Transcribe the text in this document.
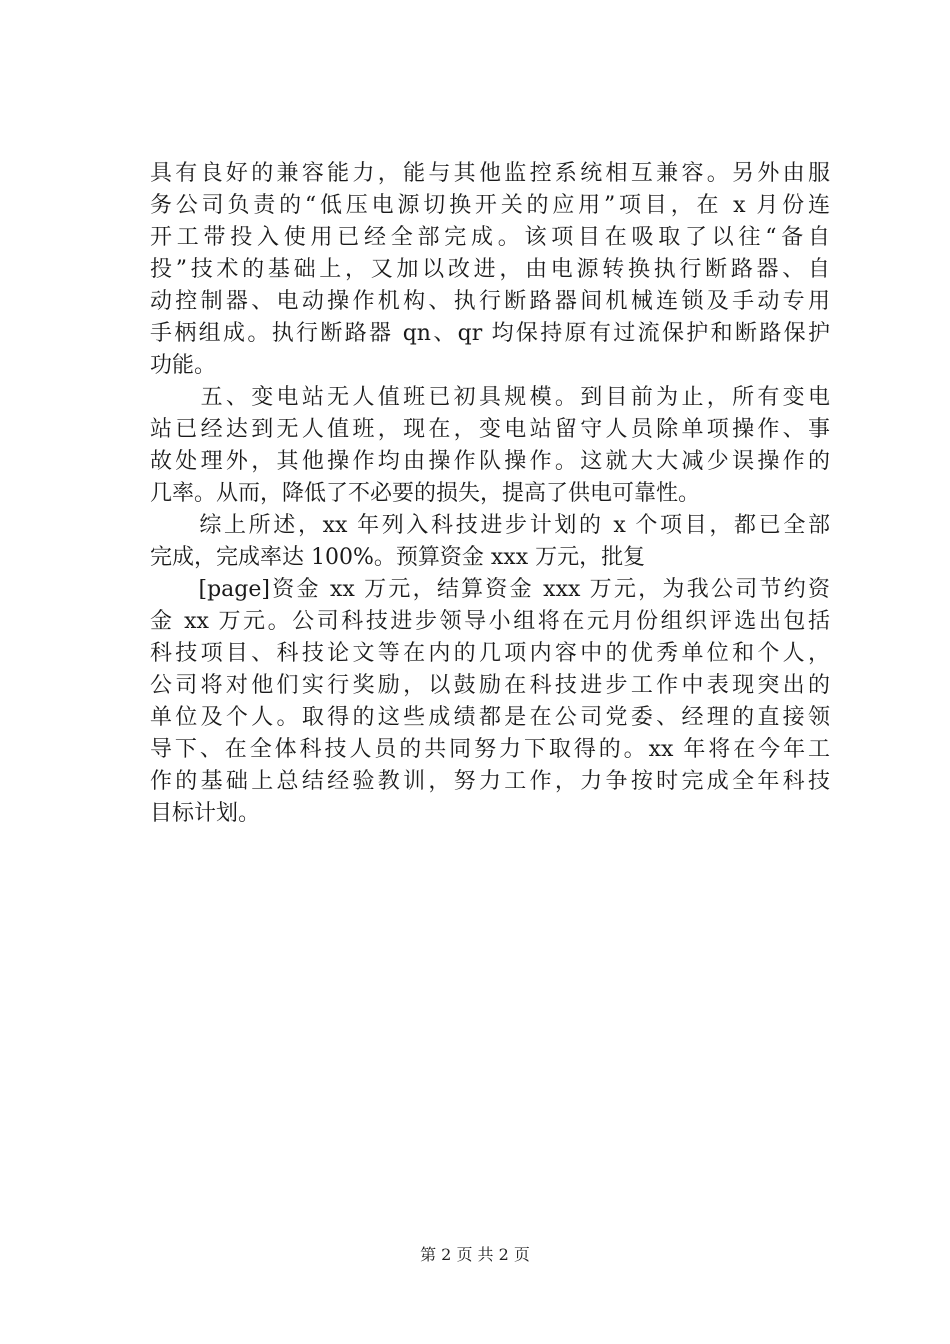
具有良好的兼容能力，能与其他监控系统相互兼容。另外由服
务公司负责的“低压电源切换开关的应用”项目，在 x 月份连
开工带投入使用已经全部完成。该项目在吸取了以往“备自
投”技术的基础上，又加以改进，由电源转换执行断路器、自
动控制器、电动操作机构、执行断路器间机械连锁及手动专用
手柄组成。执行断路器 qn、qr 均保持原有过流保护和断路保护
功能。
　　五、变电站无人值班已初具规模。到目前为止，所有变电
站已经达到无人值班，现在，变电站留守人员除单项操作、事
故处理外，其他操作均由操作队操作。这就大大减少误操作的
几率。从而，降低了不必要的损失，提高了供电可靠性。
　　综上所述，xx 年列入科技进步计划的 x 个项目，都已全部
完成，完成率达 100%。预算资金 xxx 万元，批复
　　[page]资金 xx 万元，结算资金 xxx 万元，为我公司节约资
金 xx 万元。公司科技进步领导小组将在元月份组织评选出包括
科技项目、科技论文等在内的几项内容中的优秀单位和个人，
公司将对他们实行奖励，以鼓励在科技进步工作中表现突出的
单位及个人。取得的这些成绩都是在公司党委、经理的直接领
导下、在全体科技人员的共同努力下取得的。xx 年将在今年工
作的基础上总结经验教训，努力工作，力争按时完成全年科技
目标计划。
第 2 页 共 2 页
